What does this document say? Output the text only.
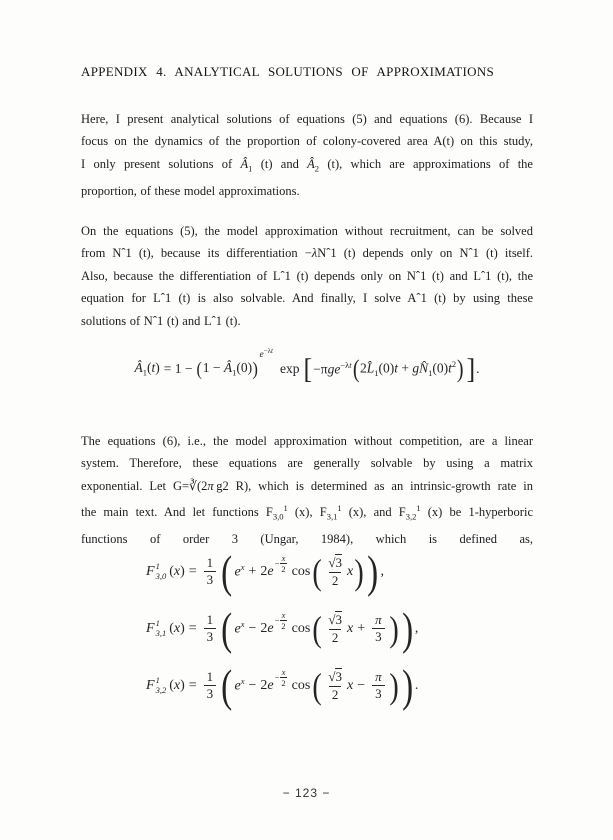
APPENDIX 4. ANALYTICAL SOLUTIONS OF APPROXIMATIONS
Here, I present analytical solutions of equations (5) and equations (6). Because I
focus on the dynamics of the proportion of colony-covered area A(t) on this study,
I only present solutions of $Â_1$ (t) and $Â_2$ (t), which are approximations of the
proportion, of these model approximations.
On the equations (5), the model approximation without recruitment, can be solved
from Nˆ1 (t), because its differentiation −λNˆ1 (t) depends only on Nˆ1 (t) itself.
Also, because the differentiation of Lˆ1 (t) depends only on Nˆ1 (t) and Lˆ1 (t), the
equation for Lˆ1 (t) is also solvable. And finally, I solve Aˆ1 (t) by using these
solutions of Nˆ1 (t) and Lˆ1 (t).
$Â_1(t) = 1$ − ( $1 - Â_1(0)$ )
$e^{-\lambda t}$
exp [ −πge$^{-\lambda t}$ ( $2L̂_1(0)t$ + $gN̂_1(0)t^2$ ) ] .
The equations (6), i.e., the model approximation without competition, are a linear
system. Therefore, these equations are generally solvable by using a matrix
exponential. Let G=∛(2π g2 R), which is determined as an intrinsic-growth rate in
the main text. And let functions $F_{3,0}^1$ (x), $F_{3,1}^1$ (x), and $F_{3,2}^1$ (x) be 1-hyperboric
functions of order 3 (Ungar, 1984), which is defined as,
F 1
3,0 $(x) = \frac{1}{3}$ ( $e^x + 2e$
− $\frac{x}{2}$ cos ( $\frac{√ 3}{2}$ x ) ) ,
F 1
3,1 $(x) = \frac{1}{3}$ ( $e^x - 2e$
− $\frac{x}{2}$ cos ( $\frac{√ 3}{2}$ $x + \frac{\pi}{3}$ ) ) ,
F 1
3,2 $(x) = \frac{1}{3}$ ( $e^x - 2e$
− $\frac{x}{2}$ cos ( $\frac{√ 3}{2}$ $x - \frac{\pi}{3}$ ) ) .
− 123 −
